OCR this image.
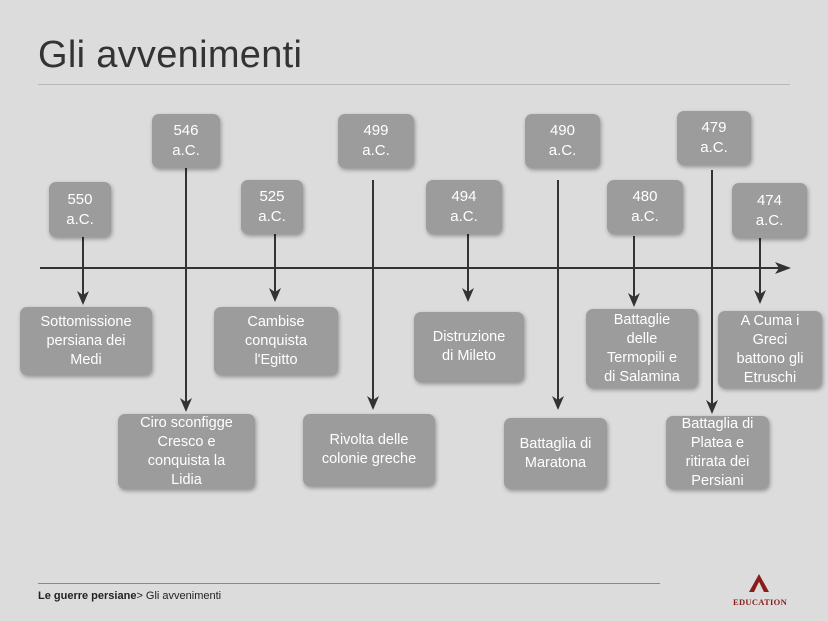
Gli avvenimenti
550
a.C.
546
a.C.
525
a.C.
499
a.C.
494
a.C.
490
a.C.
480
a.C.
479
a.C.
474
a.C.
Sottomissione
persiana dei
Medi
Ciro sconfigge
Cresco e
conquista la
Lidia
Cambise
conquista
l'Egitto
Rivolta delle
colonie greche
Distruzione
di Mileto
Battaglia di
Maratona
Battaglie
delle
Termopili e
di Salamina
Battaglia di
Platea e
ritirata dei
Persiani
A Cuma i
Greci
battono gli
Etruschi
Le guerre persiane> Gli avvenimenti	EDUCATION
